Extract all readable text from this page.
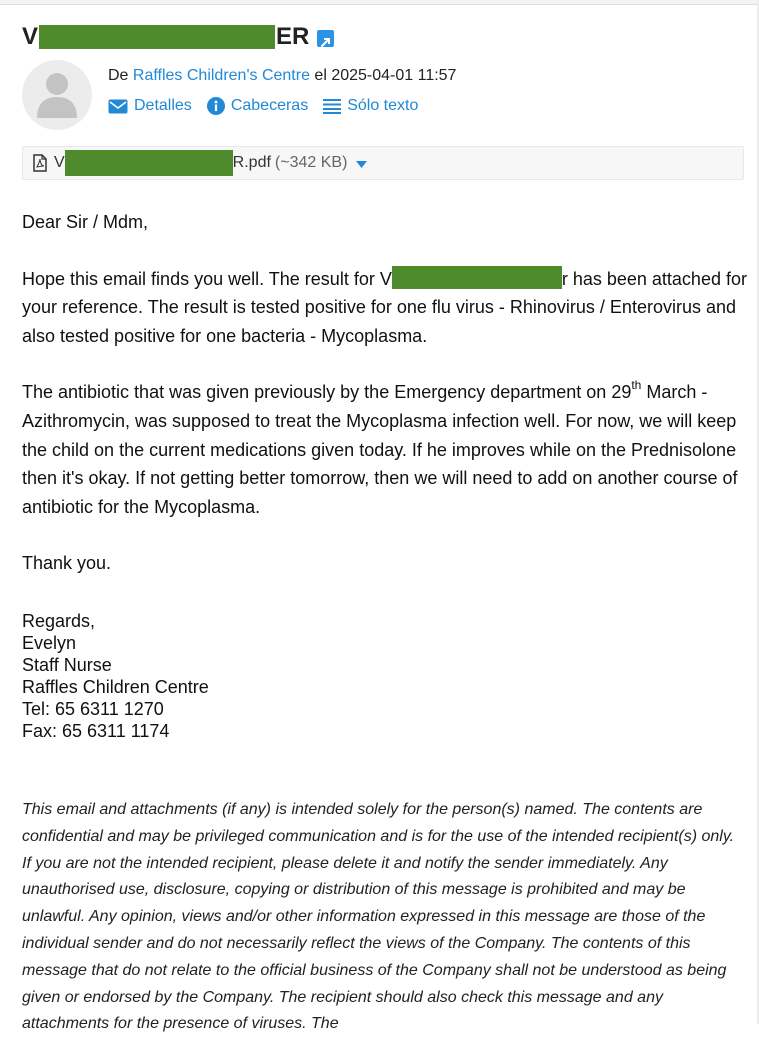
V	ER
De Raffles Children's Centre el 2025-04-01 11:57
Detalles Cabeceras Sólo texto
V	R.pdf (~342 KB)

Dear Sir / Mdm,

Hope this email finds you well. The result for V	r has been attached for your reference. The result is tested positive for one flu virus - Rhinovirus / Enterovirus and also tested positive for one bacteria - Mycoplasma.

The antibiotic that was given previously by the Emergency department on 29th March - Azithromycin, was supposed to treat the Mycoplasma infection well. For now, we will keep the child on the current medications given today. If he improves while on the Prednisolone then it's okay. If not getting better tomorrow, then we will need to add on another course of antibiotic for the Mycoplasma.

Thank you.

Regards,
Evelyn
Staff Nurse
Raffles Children Centre
Tel: 65 6311 1270
Fax: 65 6311 1174
This email and attachments (if any) is intended solely for the person(s) named. The contents are confidential and may be privileged communication and is for the use of the intended recipient(s) only. If you are not the intended recipient, please delete it and notify the sender immediately. Any unauthorised use, disclosure, copying or distribution of this message is prohibited and may be unlawful. Any opinion, views and/or other information expressed in this message are those of the individual sender and do not necessarily reflect the views of the Company. The contents of this message that do not relate to the official business of the Company shall not be understood as being given or endorsed by the Company. The recipient should also check this message and any attachments for the presence of viruses. The
